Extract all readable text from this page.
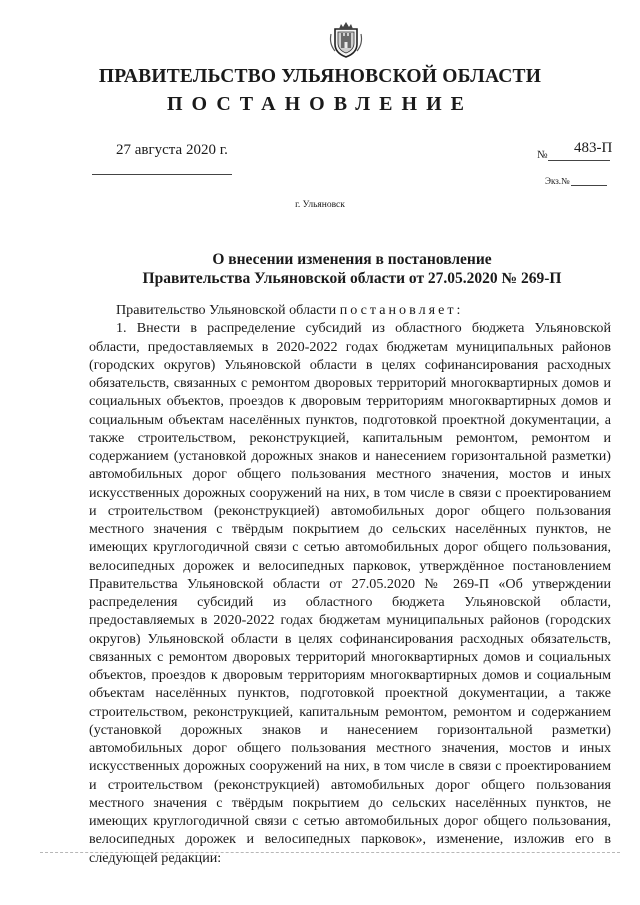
ПРАВИТЕЛЬСТВО УЛЬЯНОВСКОЙ ОБЛАСТИ
ПОСТАНОВЛЕНИЕ
27 августа 2020 г.	№ 483-П
Экз.№
г. Ульяновск
О внесении изменения в постановление
Правительства Ульяновской области от 27.05.2020 № 269-П

Правительство Ульяновской области постановляет:

1. Внести в распределение субсидий из областного бюджета Ульяновской области, предоставляемых в 2020-2022 годах бюджетам муниципальных районов (городских округов) Ульяновской области в целях софинансирования расходных обязательств, связанных с ремонтом дворовых территорий многоквартирных домов и социальных объектов, проездов к дворовым территориям многоквартирных домов и социальным объектам населённых пунктов, подготовкой проектной документации, а также строительством, реконструкцией, капитальным ремонтом, ремонтом и содержанием (установкой дорожных знаков и нанесением горизонтальной разметки) автомобильных дорог общего пользования местного значения, мостов и иных искусственных дорожных сооружений на них, в том числе в связи с проектированием и строительством (реконструкцией) автомобильных дорог общего пользования местного значения с твёрдым покрытием до сельских населённых пунктов, не имеющих круглогодичной связи с сетью автомобильных дорог общего пользования, велосипедных дорожек и велосипедных парковок, утверждённое постановлением Правительства Ульяновской области от 27.05.2020 № 269-П «Об утверждении распределения субсидий из областного бюджета Ульяновской области, предоставляемых в 2020-2022 годах бюджетам муниципальных районов (городских округов) Ульяновской области в целях софинансирования расходных обязательств, связанных с ремонтом дворовых территорий многоквартирных домов и социальных объектов, проездов к дворовым территориям многоквартирных домов и социальным объектам населённых пунктов, подготовкой проектной документации, а также строительством, реконструкцией, капитальным ремонтом, ремонтом и содержанием (установкой дорожных знаков и нанесением горизонтальной разметки) автомобильных дорог общего пользования местного значения, мостов и иных искусственных дорожных сооружений на них, в том числе в связи с проектированием и строительством (реконструкцией) автомобильных дорог общего пользования местного значения с твёрдым покрытием до сельских населённых пунктов, не имеющих круглогодичной связи с сетью автомобильных дорог общего пользования, велосипедных дорожек и велосипедных парковок», изменение, изложив его в следующей редакции:
